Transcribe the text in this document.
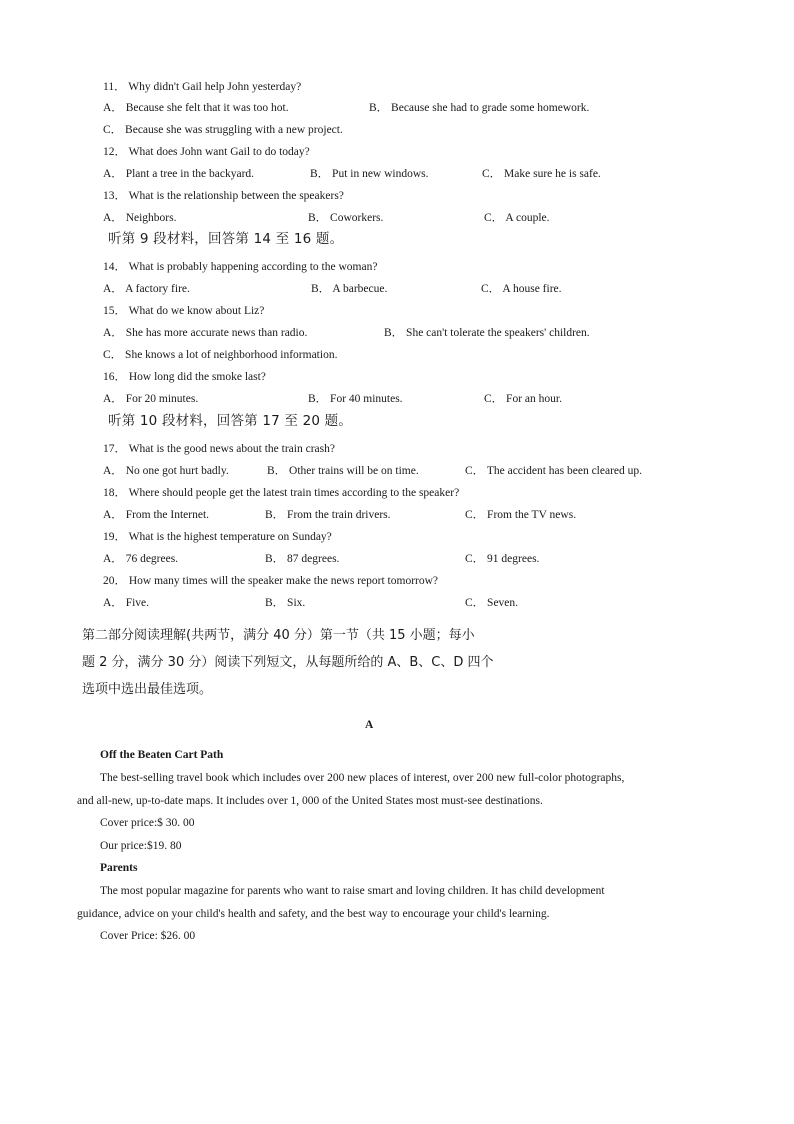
11． Why didn't Gail help John yesterday?
A． Because she felt that it was too hot.	B． Because she had to grade some homework.
C． Because she was struggling with a new project.
12． What does John want Gail to do today?
A． Plant a tree in the backyard.	B． Put in new windows.	C． Make sure he is safe.
13． What is the relationship between the speakers?
A． Neighbors.	B． Coworkers.	C． A couple.
听第 9 段材料，回答第 14 至 16 题。
14． What is probably happening according to the woman?
A． A factory fire.	B． A barbecue.	C． A house fire.
15． What do we know about Liz?
A． She has more accurate news than radio.	B． She can't tolerate the speakers' children.
C． She knows a lot of neighborhood information.
16． How long did the smoke last?
A． For 20 minutes.	B． For 40 minutes.	C． For an hour.
听第 10 段材料，回答第 17 至 20 题。
17． What is the good news about the train crash?
A． No one got hurt badly.	B． Other trains will be on time.	C． The accident has been cleared up.
18． Where should people get the latest train times according to the speaker?
A． From the Internet.	B． From the train drivers.	C． From the TV news.
19． What is the highest temperature on Sunday?
A． 76 degrees.	B． 87 degrees.	C． 91 degrees.
20． How many times will the speaker make the news report tomorrow?
A． Five.	B． Six.	C． Seven.
第二部分阅读理解(共两节，满分 40 分）第一节（共 15 小题；每小
题 2 分，满分 30 分）阅读下列短文，从每题所给的 A、B、C、D 四个
选项中选出最佳选项。
A
Off the Beaten Cart Path
The best-selling travel book which includes over 200 new places of interest, over 200 new full-color photographs,
and all-new, up-to-date maps. It includes over 1, 000 of the United States most must-see destinations.
Cover price:$ 30. 00
Our price:$19. 80
Parents
The most popular magazine for parents who want to raise smart and loving children. It has child development
guidance, advice on your child's health and safety, and the best way to encourage your child's learning.
Cover Price: $26. 00
